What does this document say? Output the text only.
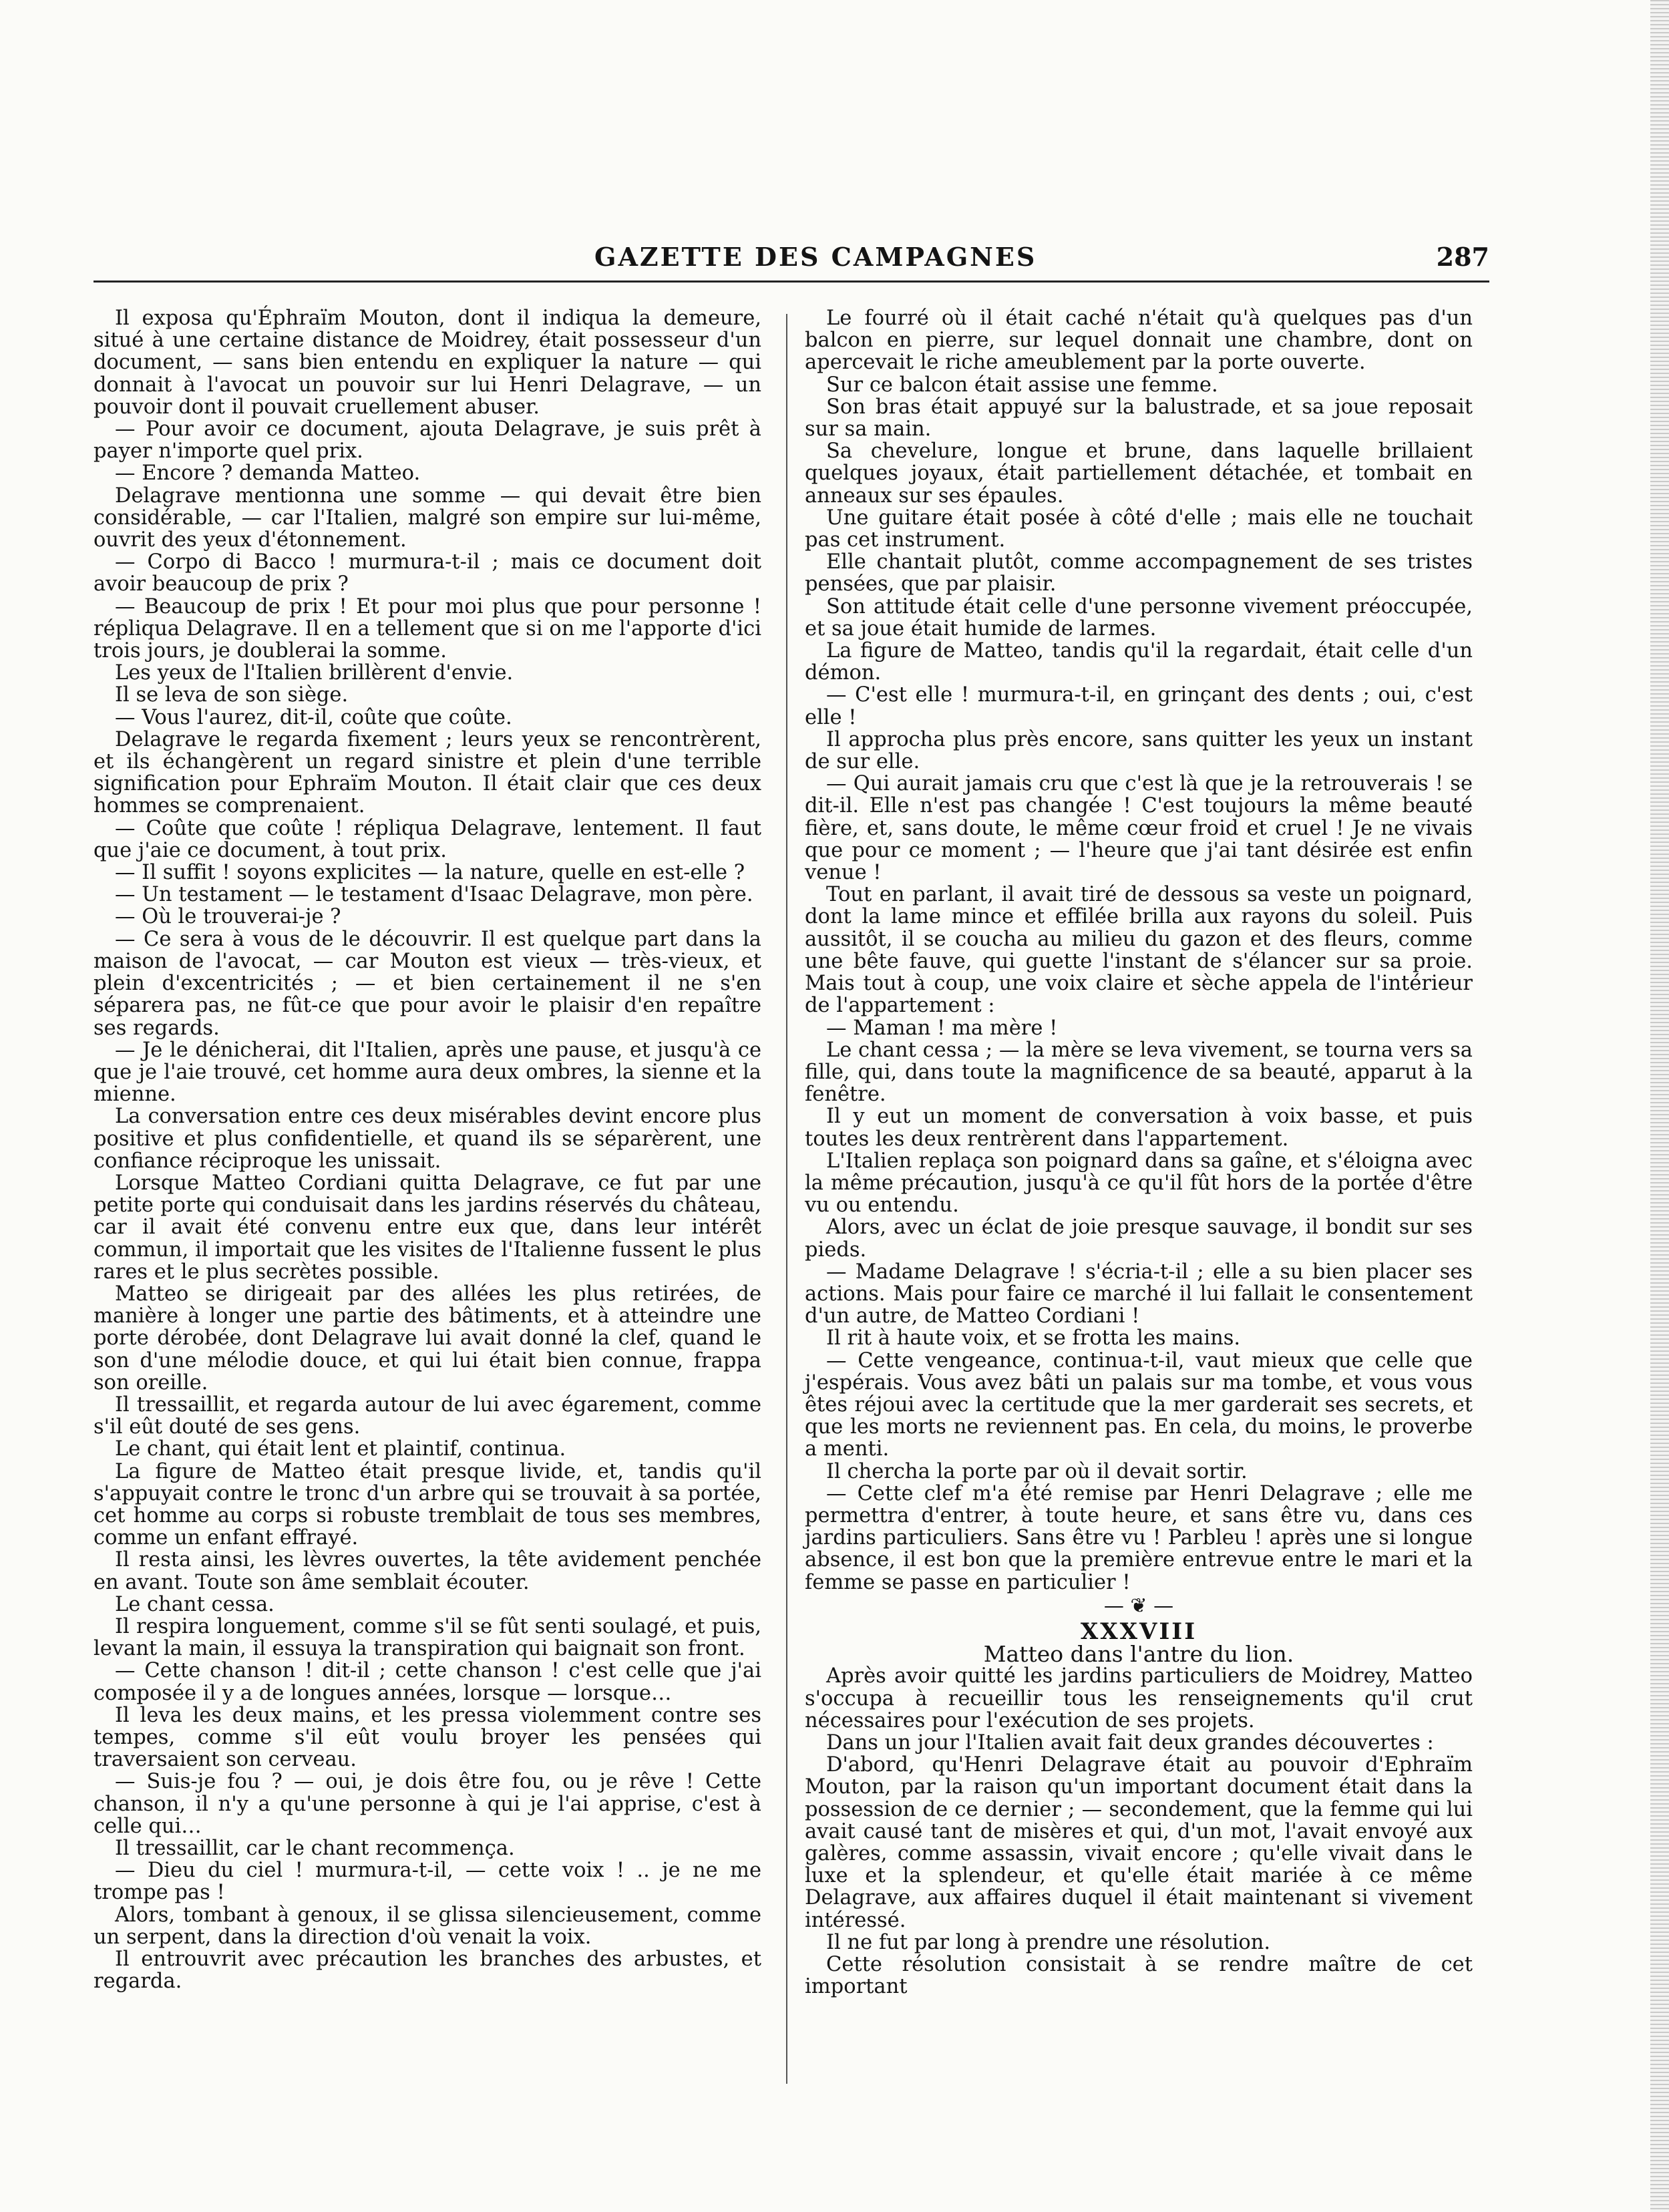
GAZETTE DES CAMPAGNES	287

Il exposa qu'Éphraïm Mouton, dont il indiqua la demeure, situé à une certaine distance de Moidrey, était possesseur d'un document, — sans bien entendu en expliquer la nature — qui donnait à l'avocat un pouvoir sur lui Henri Delagrave, — un pouvoir dont il pouvait cruellement abuser.

— Pour avoir ce document, ajouta Delagrave, je suis prêt à payer n'importe quel prix.

— Encore ? demanda Matteo.

Delagrave mentionna une somme — qui devait être bien considérable, — car l'Italien, malgré son empire sur lui-même, ouvrit des yeux d'étonnement.

— Corpo di Bacco ! murmura-t-il ; mais ce document doit avoir beaucoup de prix ?

— Beaucoup de prix ! Et pour moi plus que pour personne ! répliqua Delagrave. Il en a tellement que si on me l'apporte d'ici trois jours, je doublerai la somme.

Les yeux de l'Italien brillèrent d'envie.

Il se leva de son siège.

— Vous l'aurez, dit-il, coûte que coûte.

Delagrave le regarda fixement ; leurs yeux se rencontrèrent, et ils échangèrent un regard sinistre et plein d'une terrible signification pour Ephraïm Mouton. Il était clair que ces deux hommes se comprenaient.

— Coûte que coûte ! répliqua Delagrave, lentement. Il faut que j'aie ce document, à tout prix.

— Il suffit ! soyons explicites — la nature, quelle en est-elle ?

— Un testament — le testament d'Isaac Delagrave, mon père.

— Où le trouverai-je ?

— Ce sera à vous de le découvrir. Il est quelque part dans la maison de l'avocat, — car Mouton est vieux — très-vieux, et plein d'excentricités ; — et bien certainement il ne s'en séparera pas, ne fût-ce que pour avoir le plaisir d'en repaître ses regards.

— Je le dénicherai, dit l'Italien, après une pause, et jusqu'à ce que je l'aie trouvé, cet homme aura deux ombres, la sienne et la mienne.

La conversation entre ces deux misérables devint encore plus positive et plus confidentielle, et quand ils se séparèrent, une confiance réciproque les unissait.

Lorsque Matteo Cordiani quitta Delagrave, ce fut par une petite porte qui conduisait dans les jardins réservés du château, car il avait été convenu entre eux que, dans leur intérêt commun, il importait que les visites de l'Italienne fussent le plus rares et le plus secrètes possible.

Matteo se dirigeait par des allées les plus retirées, de manière à longer une partie des bâtiments, et à atteindre une porte dérobée, dont Delagrave lui avait donné la clef, quand le son d'une mélodie douce, et qui lui était bien connue, frappa son oreille.

Il tressaillit, et regarda autour de lui avec égarement, comme s'il eût douté de ses gens.

Le chant, qui était lent et plaintif, continua.

La figure de Matteo était presque livide, et, tandis qu'il s'appuyait contre le tronc d'un arbre qui se trouvait à sa portée, cet homme au corps si robuste tremblait de tous ses membres, comme un enfant effrayé.

Il resta ainsi, les lèvres ouvertes, la tête avidement penchée en avant. Toute son âme semblait écouter.

Le chant cessa.

Il respira longuement, comme s'il se fût senti soulagé, et puis, levant la main, il essuya la transpiration qui baignait son front.

— Cette chanson ! dit-il ; cette chanson ! c'est celle que j'ai composée il y a de longues années, lorsque — lorsque…

Il leva les deux mains, et les pressa violemment contre ses tempes, comme s'il eût voulu broyer les pensées qui traversaient son cerveau.

— Suis-je fou ? — oui, je dois être fou, ou je rêve ! Cette chanson, il n'y a qu'une personne à qui je l'ai apprise, c'est à celle qui…

Il tressaillit, car le chant recommença.

— Dieu du ciel ! murmura-t-il, — cette voix ! .. je ne me trompe pas !

Alors, tombant à genoux, il se glissa silencieusement, comme un serpent, dans la direction d'où venait la voix.

Il entrouvrit avec précaution les branches des arbustes, et regarda.

Le fourré où il était caché n'était qu'à quelques pas d'un balcon en pierre, sur lequel donnait une chambre, dont on apercevait le riche ameublement par la porte ouverte.

Sur ce balcon était assise une femme.

Son bras était appuyé sur la balustrade, et sa joue reposait sur sa main.

Sa chevelure, longue et brune, dans laquelle brillaient quelques joyaux, était partiellement détachée, et tombait en anneaux sur ses épaules.

Une guitare était posée à côté d'elle ; mais elle ne touchait pas cet instrument.

Elle chantait plutôt, comme accompagnement de ses tristes pensées, que par plaisir.

Son attitude était celle d'une personne vivement préoccupée, et sa joue était humide de larmes.

La figure de Matteo, tandis qu'il la regardait, était celle d'un démon.

— C'est elle ! murmura-t-il, en grinçant des dents ; oui, c'est elle !

Il approcha plus près encore, sans quitter les yeux un instant de sur elle.

— Qui aurait jamais cru que c'est là que je la retrouverais ! se dit-il. Elle n'est pas changée ! C'est toujours la même beauté fière, et, sans doute, le même cœur froid et cruel ! Je ne vivais que pour ce moment ; — l'heure que j'ai tant désirée est enfin venue !

Tout en parlant, il avait tiré de dessous sa veste un poignard, dont la lame mince et effilée brilla aux rayons du soleil. Puis aussitôt, il se coucha au milieu du gazon et des fleurs, comme une bête fauve, qui guette l'instant de s'élancer sur sa proie. Mais tout à coup, une voix claire et sèche appela de l'intérieur de l'appartement :

— Maman ! ma mère !

Le chant cessa ; — la mère se leva vivement, se tourna vers sa fille, qui, dans toute la magnificence de sa beauté, apparut à la fenêtre.

Il y eut un moment de conversation à voix basse, et puis toutes les deux rentrèrent dans l'appartement.

L'Italien replaça son poignard dans sa gaîne, et s'éloigna avec la même précaution, jusqu'à ce qu'il fût hors de la portée d'être vu ou entendu.

Alors, avec un éclat de joie presque sauvage, il bondit sur ses pieds.

— Madame Delagrave ! s'écria-t-il ; elle a su bien placer ses actions. Mais pour faire ce marché il lui fallait le consentement d'un autre, de Matteo Cordiani !

Il rit à haute voix, et se frotta les mains.

— Cette vengeance, continua-t-il, vaut mieux que celle que j'espérais. Vous avez bâti un palais sur ma tombe, et vous vous êtes réjoui avec la certitude que la mer garderait ses secrets, et que les morts ne reviennent pas. En cela, du moins, le proverbe a menti.

Il chercha la porte par où il devait sortir.

— Cette clef m'a été remise par Henri Delagrave ; elle me permettra d'entrer, à toute heure, et sans être vu, dans ces jardins particuliers. Sans être vu ! Parbleu ! après une si longue absence, il est bon que la première entrevue entre le mari et la femme se passe en particulier !

— ❦ —

XXXVIII

Matteo dans l'antre du lion.

Après avoir quitté les jardins particuliers de Moidrey, Matteo s'occupa à recueillir tous les renseignements qu'il crut nécessaires pour l'exécution de ses projets.

Dans un jour l'Italien avait fait deux grandes découvertes :

D'abord, qu'Henri Delagrave était au pouvoir d'Ephraïm Mouton, par la raison qu'un important document était dans la possession de ce dernier ; — secondement, que la femme qui lui avait causé tant de misères et qui, d'un mot, l'avait envoyé aux galères, comme assassin, vivait encore ; qu'elle vivait dans le luxe et la splendeur, et qu'elle était mariée à ce même Delagrave, aux affaires duquel il était maintenant si vivement intéressé.

Il ne fut par long à prendre une résolution.

Cette résolution consistait à se rendre maître de cet important
